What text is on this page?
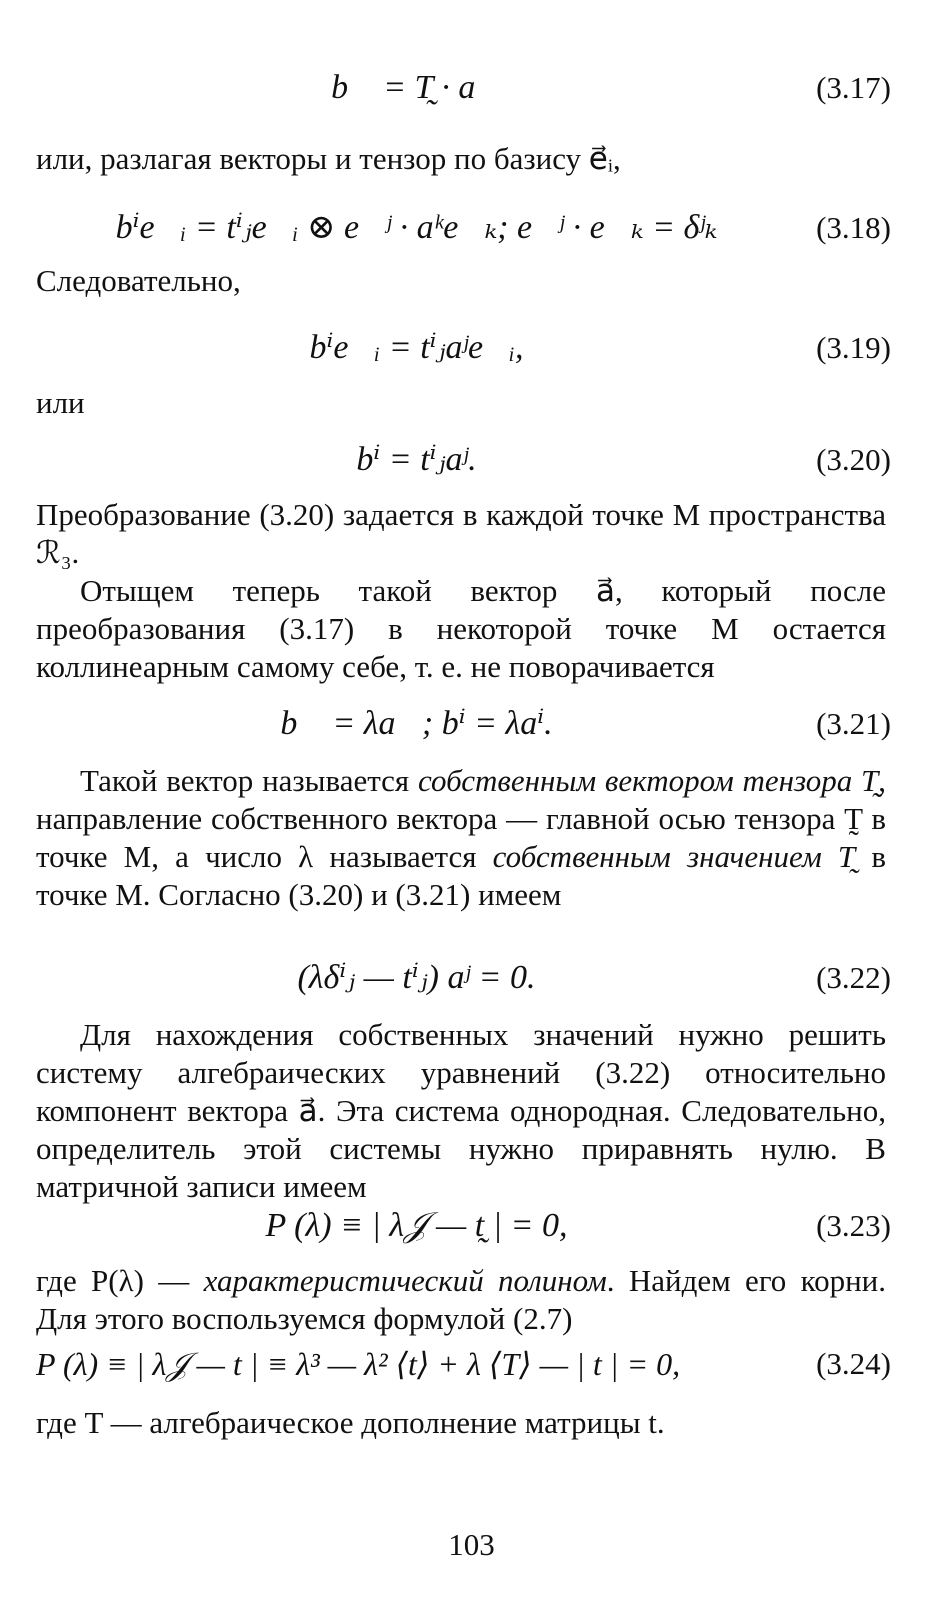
b⃗ = T̰ · a⃗	(3.17)
или, разлагая векторы и тензор по базису e⃗ᵢ,
bⁱe⃗ᵢ = tⁱⱼe⃗ᵢ ⊗ e⃗ʲ · aᵏe⃗ₖ; e⃗ʲ · e⃗ₖ = δʲₖ	(3.18)
Следовательно,
bⁱe⃗ᵢ = tⁱⱼaʲe⃗ᵢ,	(3.19)
или
bⁱ = tⁱⱼaʲ.	(3.20)
Преобразование (3.20) задается в каждой точке M пространства ℛ₃.
Отыщем теперь такой вектор a⃗, который после преобразования (3.17) в некоторой точке M остается коллинеарным самому себе, т. е. не поворачивается
b⃗ = λa⃗; bⁱ = λaⁱ.	(3.21)
Такой вектор называется собственным вектором тензора T̰, направление собственного вектора — главной осью тензора T̰ в точке M, а число λ называется собственным значением T̰ в точке M. Согласно (3.20) и (3.21) имеем
(λδⁱⱼ — tⁱⱼ) aʲ = 0.	(3.22)
Для нахождения собственных значений нужно решить систему алгебраических уравнений (3.22) относительно компонент вектора a⃗. Эта система однородная. Следовательно, определитель этой системы нужно приравнять нулю. В матричной записи имеем
P (λ) ≡ | λ𝒥 — t̰ | = 0,	(3.23)
где P(λ) — характеристический полином. Найдем его корни. Для этого воспользуемся формулой (2.7)
P (λ) ≡ | λ𝒥 — t | ≡ λ³ — λ² ⟨t⟩ + λ ⟨T⟩ — | t | = 0,	(3.24)
где T — алгебраическое дополнение матрицы t.
103
